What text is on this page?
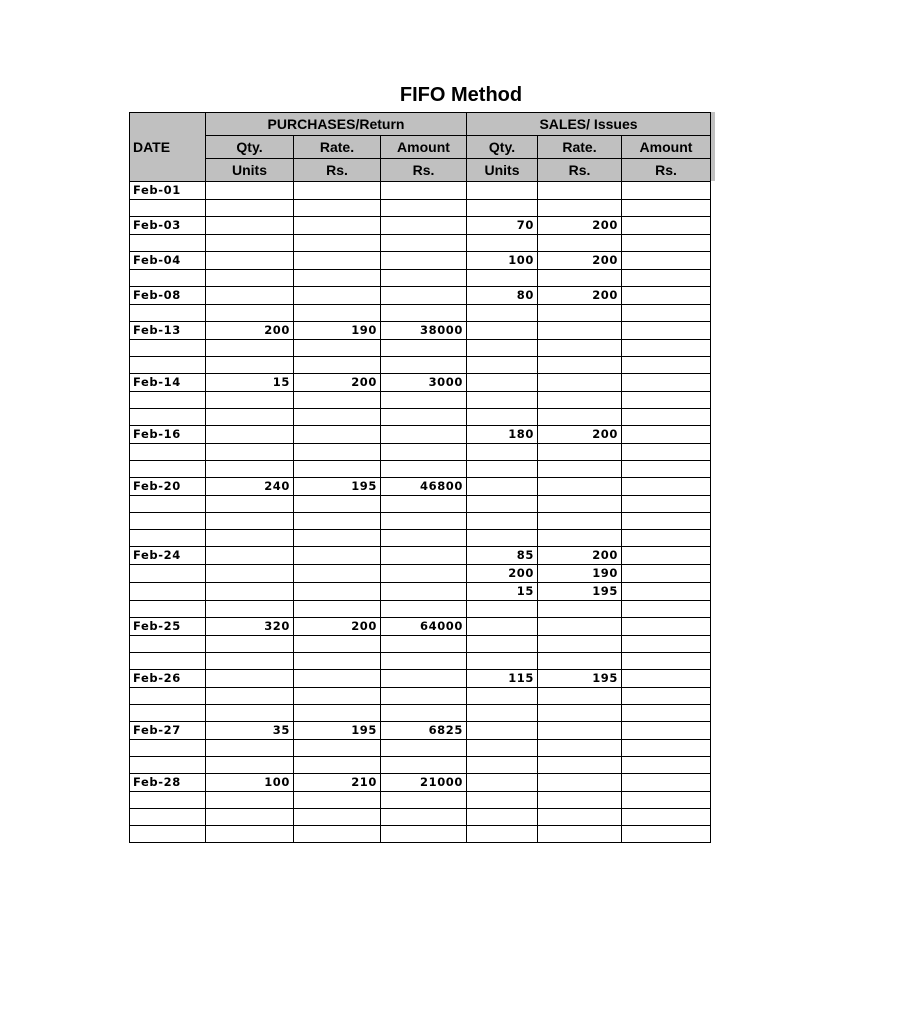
FIFO Method
DATE	PURCHASES/Return			SALES/ Issues		
	Qty.	Rate.	Amount	Qty.	Rate.	Amount
	Units	Rs.	Rs.	Units	Rs.	Rs.
Feb-01						

Feb-03				70	200	

Feb-04				100	200	

Feb-08				80	200	

Feb-13	200	190	38000			

Feb-14	15	200	3000			

Feb-16				180	200	

Feb-20	240	195	46800			

Feb-24				85	200	
				200	190	
				15	195	

Feb-25	320	200	64000			

Feb-26				115	195	

Feb-27	35	195	6825			

Feb-28	100	210	21000			
